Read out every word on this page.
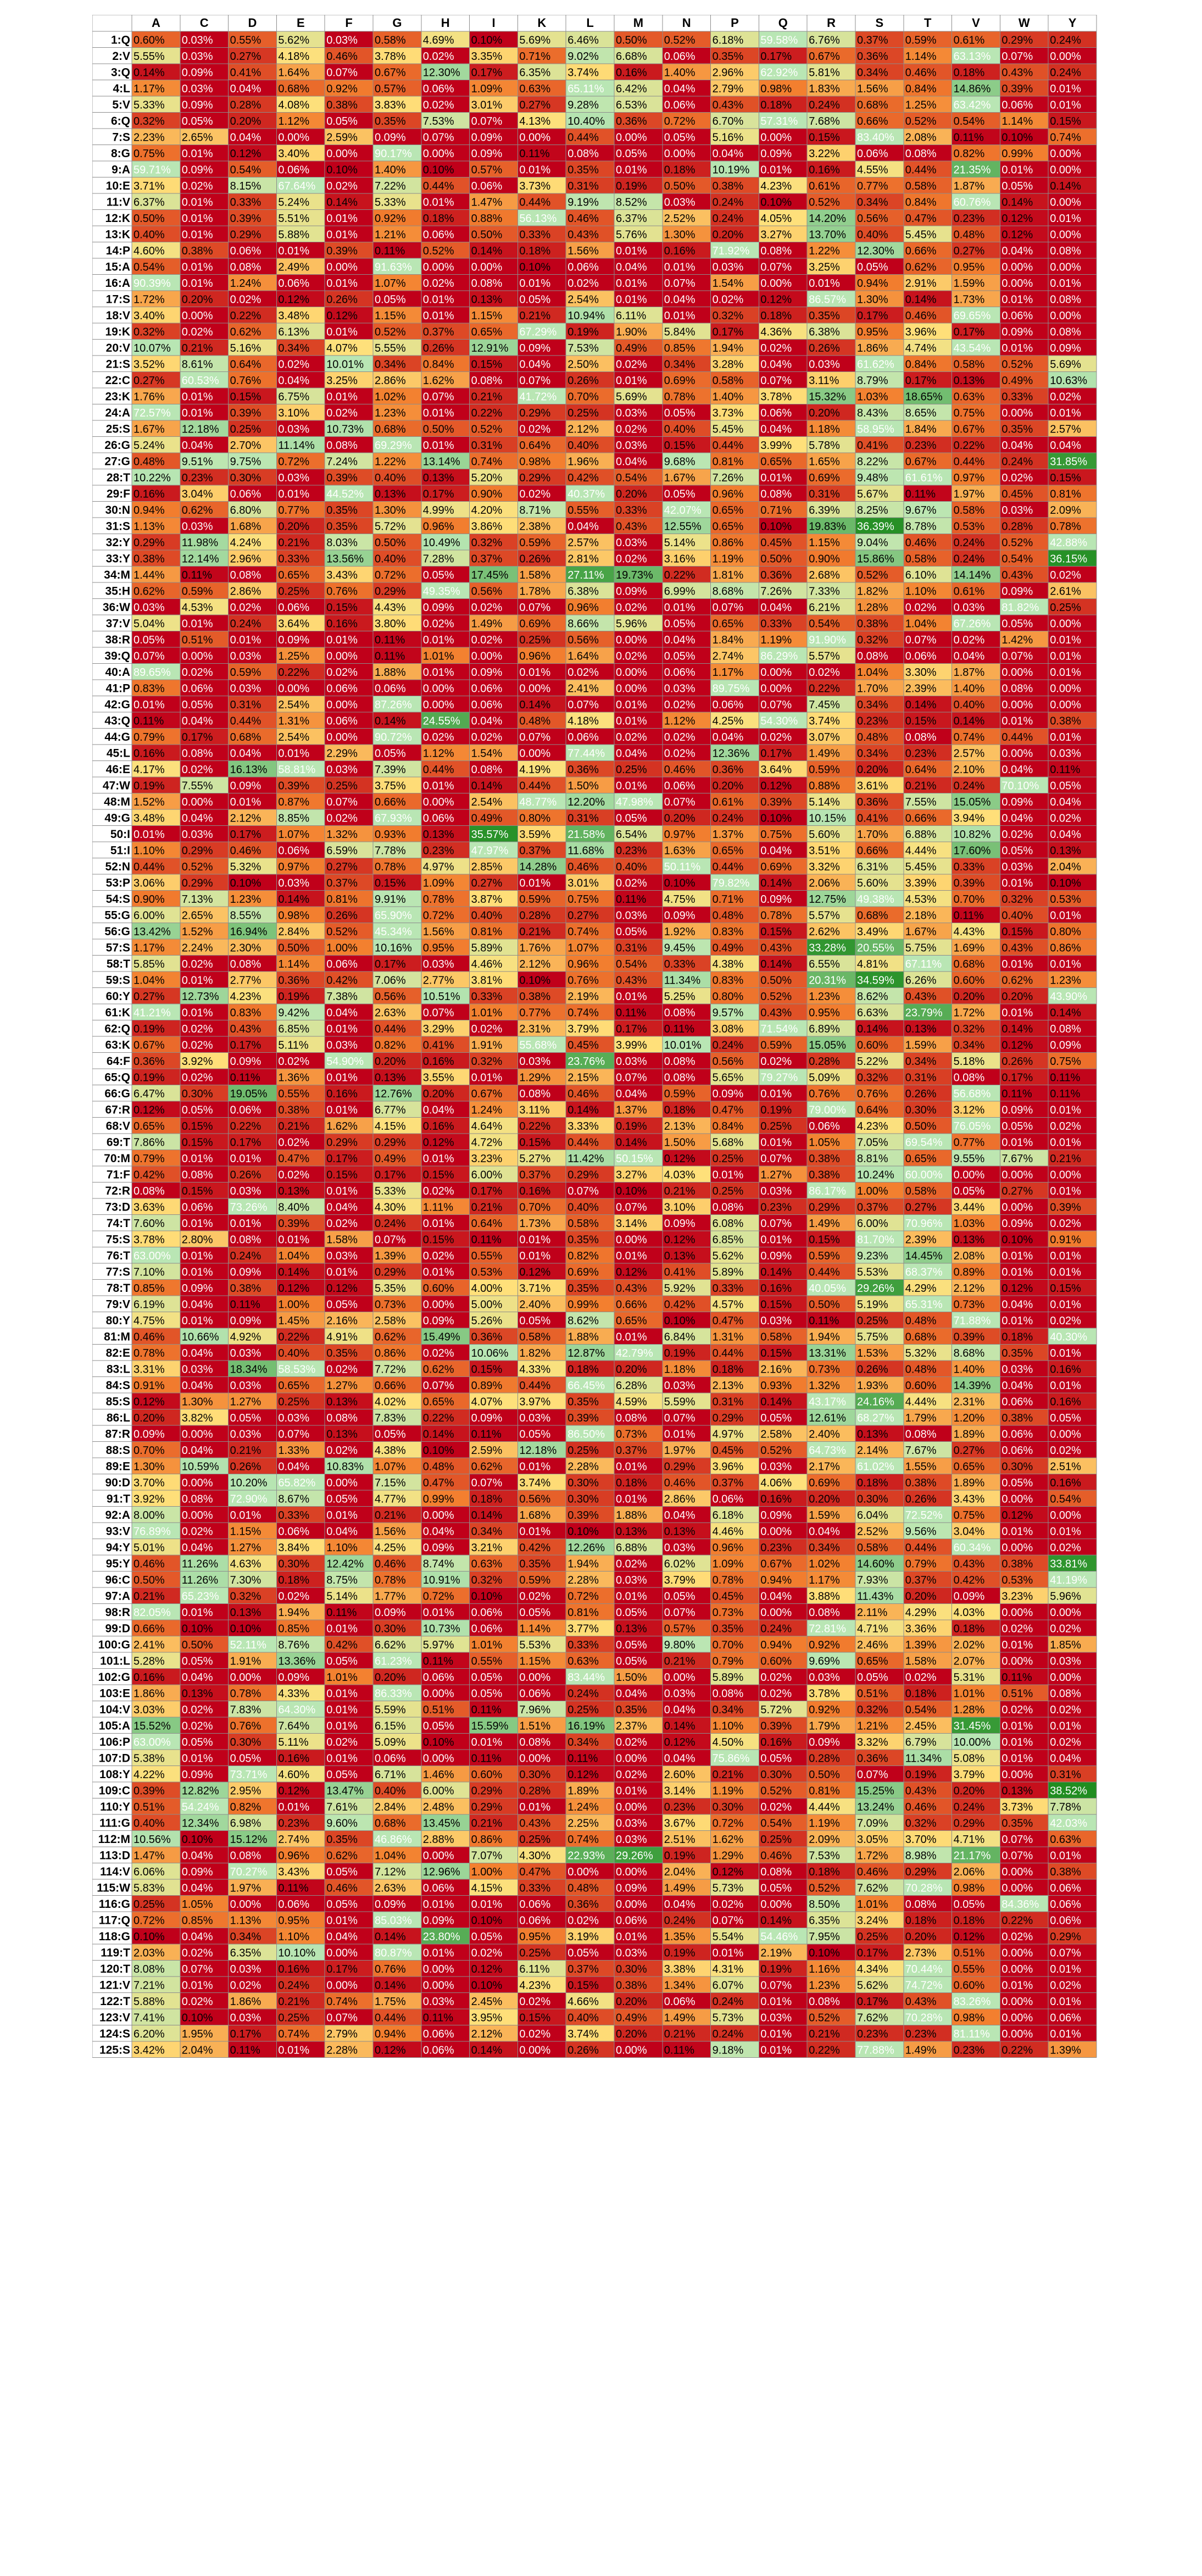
A	C	D	E	F	G	H	I	K	L	M	N	P	Q	R	S	T	V	W	Y
1:Q 0.60% 0.03% 0.55% 5.62% 0.03% 0.58% 4.69% 0.10% 5.69% 6.46% 0.50% 0.52% 6.18% 59.58% 6.76% 0.37% 0.59% 0.61% 0.29% 0.24%
2:V 5.55% 0.03% 0.27% 4.18% 0.46% 3.78% 0.02% 3.35% 0.71% 9.02% 6.68% 0.06% 0.35% 0.17% 0.67% 0.36% 1.14% 63.13% 0.07% 0.00%
3:Q 0.14% 0.09% 0.41% 1.64% 0.07% 0.67% 12.30% 0.17% 6.35% 3.74% 0.16% 1.40% 2.96% 62.92% 5.81% 0.34% 0.46% 0.18% 0.43% 0.24%
4:L 1.17% 0.03% 0.04% 0.68% 0.92% 0.57% 0.06% 1.09% 0.63% 65.11% 6.42% 0.04% 2.79% 0.98% 1.83% 1.56% 0.84% 14.86% 0.39% 0.01%
5:V 5.33% 0.09% 0.28% 4.08% 0.38% 3.83% 0.02% 3.01% 0.27% 9.28% 6.53% 0.06% 0.43% 0.18% 0.24% 0.68% 1.25% 63.42% 0.06% 0.01%
6:Q 0.32% 0.05% 0.20% 1.12% 0.05% 0.35% 7.53% 0.07% 4.13% 10.40% 0.36% 0.72% 6.70% 57.31% 7.68% 0.66% 0.52% 0.54% 1.14% 0.15%
7:S 2.23% 2.65% 0.04% 0.00% 2.59% 0.09% 0.07% 0.09% 0.00% 0.44% 0.00% 0.05% 5.16% 0.00% 0.15% 83.40% 2.08% 0.11% 0.10% 0.74%
8:G 0.75% 0.01% 0.12% 3.40% 0.00% 90.17% 0.00% 0.09% 0.11% 0.08% 0.05% 0.00% 0.04% 0.09% 3.22% 0.06% 0.08% 0.82% 0.99% 0.00%
9:A 59.71% 0.09% 0.54% 0.06% 0.10% 1.40% 0.10% 0.57% 0.01% 0.35% 0.01% 0.18% 10.19% 0.01% 0.16% 4.55% 0.44% 21.35% 0.01% 0.00%
10:E 3.71% 0.02% 8.15% 67.64% 0.02% 7.22% 0.44% 0.06% 3.73% 0.31% 0.19% 0.50% 0.38% 4.23% 0.61% 0.77% 0.58% 1.87% 0.05% 0.14%
11:V 6.37% 0.01% 0.33% 5.24% 0.14% 5.33% 0.01% 1.47% 0.44% 9.19% 8.52% 0.03% 0.24% 0.10% 0.52% 0.34% 0.84% 60.76% 0.14% 0.00%
12:K 0.50% 0.01% 0.39% 5.51% 0.01% 0.92% 0.18% 0.88% 56.13% 0.46% 6.37% 2.52% 0.24% 4.05% 14.20% 0.56% 0.47% 0.23% 0.12% 0.01%
13:K 0.40% 0.01% 0.29% 5.88% 0.01% 1.21% 0.06% 0.50% 0.33% 0.43% 5.76% 1.30% 0.20% 3.27% 13.70% 0.40% 5.45% 0.48% 0.12% 0.00%
14:P 4.60% 0.38% 0.06% 0.01% 0.39% 0.11% 0.52% 0.14% 0.18% 1.56% 0.01% 0.16% 71.92% 0.08% 1.22% 12.30% 0.66% 0.27% 0.04% 0.08%
15:A 0.54% 0.01% 0.08% 2.49% 0.00% 91.63% 0.00% 0.00% 0.10% 0.06% 0.04% 0.01% 0.03% 0.07% 3.25% 0.05% 0.62% 0.95% 0.00% 0.00%
16:A 90.39% 0.01% 1.24% 0.06% 0.01% 1.07% 0.02% 0.08% 0.01% 0.02% 0.01% 0.07% 1.54% 0.00% 0.01% 0.94% 2.91% 1.59% 0.00% 0.01%
17:S 1.72% 0.20% 0.02% 0.12% 0.26% 0.05% 0.01% 0.13% 0.05% 2.54% 0.01% 0.04% 0.02% 0.12% 86.57% 1.30% 0.14% 1.73% 0.01% 0.08%
18:V 3.40% 0.00% 0.22% 3.48% 0.12% 1.15% 0.01% 1.15% 0.21% 10.94% 6.11% 0.01% 0.32% 0.18% 0.35% 0.17% 0.46% 69.65% 0.06% 0.00%
19:K 0.32% 0.02% 0.62% 6.13% 0.01% 0.52% 0.37% 0.65% 67.29% 0.19% 1.90% 5.84% 0.17% 4.36% 6.38% 0.95% 3.96% 0.17% 0.09% 0.08%
20:V 10.07% 0.21% 5.16% 0.34% 4.07% 5.55% 0.26% 12.91% 0.09% 7.53% 0.49% 0.85% 1.94% 0.02% 0.26% 1.86% 4.74% 43.54% 0.01% 0.09%
21:S 3.52% 8.61% 0.64% 0.02% 10.01% 0.34% 0.84% 0.15% 0.04% 2.50% 0.02% 0.34% 3.28% 0.04% 0.03% 61.62% 0.84% 0.58% 0.52% 5.69%
22:C 0.27% 60.53% 0.76% 0.04% 3.25% 2.86% 1.62% 0.08% 0.07% 0.26% 0.01% 0.69% 0.58% 0.07% 3.11% 8.79% 0.17% 0.13% 0.49% 10.63%
23:K 1.76% 0.01% 0.15% 6.75% 0.01% 1.02% 0.07% 0.21% 41.72% 0.70% 5.69% 0.78% 1.40% 3.78% 15.32% 1.03% 18.65% 0.63% 0.33% 0.02%
24:A 72.57% 0.01% 0.39% 3.10% 0.02% 1.23% 0.01% 0.22% 0.29% 0.25% 0.03% 0.05% 3.73% 0.06% 0.20% 8.43% 8.65% 0.75% 0.00% 0.01%
25:S 1.67% 12.18% 0.25% 0.03% 10.73% 0.68% 0.50% 0.52% 0.02% 2.12% 0.02% 0.40% 5.45% 0.04% 1.18% 58.95% 1.84% 0.67% 0.35% 2.57%
26:G 5.24% 0.04% 2.70% 11.14% 0.08% 69.29% 0.01% 0.31% 0.64% 0.40% 0.03% 0.15% 0.44% 3.99% 5.78% 0.41% 0.23% 0.22% 0.04% 0.04%
27:G 0.48% 9.51% 9.75% 0.72% 7.24% 1.22% 13.14% 0.74% 0.98% 1.96% 0.04% 9.68% 0.81% 0.65% 1.65% 8.22% 0.67% 0.44% 0.24% 31.85%
28:T 10.22% 0.23% 0.30% 0.03% 0.39% 0.40% 0.13% 5.20% 0.29% 0.42% 0.54% 1.67% 7.26% 0.01% 0.69% 9.48% 61.61% 0.97% 0.02% 0.15%
29:F 0.16% 3.04% 0.06% 0.01% 44.52% 0.13% 0.17% 0.90% 0.02% 40.37% 0.20% 0.05% 0.96% 0.08% 0.31% 5.67% 0.11% 1.97% 0.45% 0.81%
30:N 0.94% 0.62% 6.80% 0.77% 0.35% 1.30% 4.99% 4.20% 8.71% 0.55% 0.33% 42.07% 0.65% 0.71% 6.39% 8.25% 9.67% 0.58% 0.03% 2.09%
31:S 1.13% 0.03% 1.68% 0.20% 0.35% 5.72% 0.96% 3.86% 2.38% 0.04% 0.43% 12.55% 0.65% 0.10% 19.83% 36.39% 8.78% 0.53% 0.28% 0.78%
32:Y 0.29% 11.98% 4.24% 0.21% 8.03% 0.50% 10.49% 0.32% 0.59% 2.57% 0.03% 5.14% 0.86% 0.45% 1.15% 9.04% 0.46% 0.24% 0.52% 42.88%
33:Y 0.38% 12.14% 2.96% 0.33% 13.56% 0.40% 7.28% 0.37% 0.26% 2.81% 0.02% 3.16% 1.19% 0.50% 0.90% 15.86% 0.58% 0.24% 0.54% 36.15%
34:M 1.44% 0.11% 0.08% 0.65% 3.43% 0.72% 0.05% 17.45% 1.58% 27.11% 19.73% 0.22% 1.81% 0.36% 2.68% 0.52% 6.10% 14.14% 0.43% 0.02%
35:H 0.62% 0.59% 2.86% 0.25% 0.76% 0.29% 49.35% 0.56% 1.78% 6.38% 0.09% 6.99% 8.68% 7.26% 7.33% 1.82% 1.10% 0.61% 0.09% 2.61%
36:W 0.03% 4.53% 0.02% 0.06% 0.15% 4.43% 0.09% 0.02% 0.07% 0.96% 0.02% 0.01% 0.07% 0.04% 6.21% 1.28% 0.02% 0.03% 81.82% 0.25%
37:V 5.04% 0.01% 0.24% 3.64% 0.16% 3.80% 0.02% 1.49% 0.69% 8.66% 5.96% 0.05% 0.65% 0.33% 0.54% 0.38% 1.04% 67.26% 0.05% 0.00%
38:R 0.05% 0.51% 0.01% 0.09% 0.01% 0.11% 0.01% 0.02% 0.25% 0.56% 0.00% 0.04% 1.84% 1.19% 91.90% 0.32% 0.07% 0.02% 1.42% 0.01%
39:Q 0.07% 0.00% 0.03% 1.25% 0.00% 0.11% 1.01% 0.00% 0.96% 1.64% 0.02% 0.05% 2.74% 86.29% 5.57% 0.08% 0.06% 0.04% 0.07% 0.01%
40:A 89.65% 0.02% 0.59% 0.22% 0.02% 1.88% 0.01% 0.09% 0.01% 0.02% 0.00% 0.06% 1.17% 0.00% 0.02% 1.04% 3.30% 1.87% 0.00% 0.01%
41:P 0.83% 0.06% 0.03% 0.00% 0.06% 0.06% 0.00% 0.06% 0.00% 2.41% 0.00% 0.03% 89.75% 0.00% 0.22% 1.70% 2.39% 1.40% 0.08% 0.00%
42:G 0.01% 0.05% 0.31% 2.54% 0.00% 87.26% 0.00% 0.06% 0.14% 0.07% 0.01% 0.02% 0.06% 0.07% 7.45% 0.34% 0.14% 0.40% 0.00% 0.00%
43:Q 0.11% 0.04% 0.44% 1.31% 0.06% 0.14% 24.55% 0.04% 0.48% 4.18% 0.01% 1.12% 4.25% 54.30% 3.74% 0.23% 0.15% 0.14% 0.01% 0.38%
44:G 0.79% 0.17% 0.68% 2.54% 0.00% 90.72% 0.02% 0.02% 0.07% 0.06% 0.02% 0.02% 0.04% 0.02% 3.07% 0.48% 0.08% 0.74% 0.44% 0.01%
45:L 0.16% 0.08% 0.04% 0.01% 2.29% 0.05% 1.12% 1.54% 0.00% 77.44% 0.04% 0.02% 12.36% 0.17% 1.49% 0.34% 0.23% 2.57% 0.00% 0.03%
46:E 4.17% 0.02% 16.13% 58.81% 0.03% 7.39% 0.44% 0.08% 4.19% 0.36% 0.25% 0.46% 0.36% 3.64% 0.59% 0.20% 0.64% 2.10% 0.04% 0.11%
47:W 0.19% 7.55% 0.09% 0.39% 0.25% 3.75% 0.01% 0.14% 0.44% 1.50% 0.01% 0.06% 0.20% 0.12% 0.88% 3.61% 0.21% 0.24% 70.10% 0.05%
48:M 1.52% 0.00% 0.01% 0.87% 0.07% 0.66% 0.00% 2.54% 48.77% 12.20% 47.98% 0.07% 0.61% 0.39% 5.14% 0.36% 7.55% 15.05% 0.09% 0.04%
49:G 3.48% 0.04% 2.12% 8.85% 0.02% 67.93% 0.06% 0.49% 0.80% 0.31% 0.05% 0.20% 0.24% 0.10% 10.15% 0.41% 0.66% 3.94% 0.04% 0.02%
50:I 0.01% 0.03% 0.17% 1.07% 1.32% 0.93% 0.13% 35.57% 3.59% 21.58% 6.54% 0.97% 1.37% 0.75% 5.60% 1.70% 6.88% 10.82% 0.02% 0.04%
51:I 1.10% 0.29% 0.46% 0.06% 6.59% 7.78% 0.23% 47.97% 0.37% 11.68% 0.23% 1.63% 0.65% 0.04% 3.51% 0.66% 4.44% 17.60% 0.05% 0.13%
52:N 0.44% 0.52% 5.32% 0.97% 0.27% 0.78% 4.97% 2.85% 14.28% 0.46% 0.40% 50.11% 0.44% 0.69% 3.32% 6.31% 5.45% 0.33% 0.03% 2.04%
53:P 3.06% 0.29% 0.10% 0.03% 0.37% 0.15% 1.09% 0.27% 0.01% 3.01% 0.02% 0.10% 79.82% 0.14% 2.06% 5.60% 3.39% 0.39% 0.01% 0.10%
54:S 0.90% 7.13% 1.23% 0.14% 0.81% 9.91% 0.78% 3.87% 0.59% 0.75% 0.11% 4.75% 0.71% 0.09% 12.75% 49.38% 4.53% 0.70% 0.32% 0.53%
55:G 6.00% 2.65% 8.55% 0.98% 0.26% 65.90% 0.72% 0.40% 0.28% 0.27% 0.03% 0.09% 0.48% 0.78% 5.57% 0.68% 2.18% 0.11% 0.40% 0.01%
56:G 13.42% 1.52% 16.94% 2.84% 0.52% 45.34% 1.56% 0.81% 0.21% 0.74% 0.05% 1.92% 0.83% 0.15% 2.62% 3.49% 1.67% 4.43% 0.15% 0.80%
57:S 1.17% 2.24% 2.30% 0.50% 1.00% 10.16% 0.95% 5.89% 1.76% 1.07% 0.31% 9.45% 0.49% 0.43% 33.28% 20.55% 5.75% 1.69% 0.43% 0.86%
58:T 5.85% 0.02% 0.08% 1.14% 0.06% 0.17% 0.03% 4.46% 2.12% 0.96% 0.54% 0.33% 4.38% 0.14% 6.55% 4.81% 67.11% 0.68% 0.01% 0.01%
59:S 1.04% 0.01% 2.77% 0.36% 0.42% 7.06% 2.77% 3.81% 0.10% 0.76% 0.43% 11.34% 0.83% 0.50% 20.31% 34.59% 6.26% 0.60% 0.62% 1.23%
60:Y 0.27% 12.73% 4.23% 0.19% 7.38% 0.56% 10.51% 0.33% 0.38% 2.19% 0.01% 5.25% 0.80% 0.52% 1.23% 8.62% 0.43% 0.20% 0.20% 43.90%
61:K 41.21% 0.01% 0.83% 9.42% 0.04% 2.63% 0.07% 1.01% 0.77% 0.74% 0.11% 0.08% 9.57% 0.43% 0.95% 6.63% 23.79% 1.72% 0.01% 0.14%
62:Q 0.19% 0.02% 0.43% 6.85% 0.01% 0.44% 3.29% 0.02% 2.31% 3.79% 0.17% 0.11% 3.08% 71.54% 6.89% 0.14% 0.13% 0.32% 0.14% 0.08%
63:K 0.67% 0.02% 0.17% 5.11% 0.03% 0.82% 0.41% 1.91% 55.68% 0.45% 3.99% 10.01% 0.24% 0.59% 15.05% 0.60% 1.59% 0.34% 0.12% 0.09%
64:F 0.36% 3.92% 0.09% 0.02% 54.90% 0.20% 0.16% 0.32% 0.03% 23.76% 0.03% 0.08% 0.56% 0.02% 0.28% 5.22% 0.34% 5.18% 0.26% 0.75%
65:Q 0.19% 0.02% 0.11% 1.36% 0.01% 0.13% 3.55% 0.01% 1.29% 2.15% 0.07% 0.08% 5.65% 79.27% 5.09% 0.32% 0.31% 0.08% 0.17% 0.11%
66:G 6.47% 0.30% 19.05% 0.55% 0.16% 12.76% 0.20% 0.67% 0.08% 0.46% 0.04% 0.59% 0.09% 0.01% 0.76% 0.76% 0.26% 56.68% 0.11% 0.11%
67:R 0.12% 0.05% 0.06% 0.38% 0.01% 6.77% 0.04% 1.24% 3.11% 0.14% 1.37% 0.18% 0.47% 0.19% 79.00% 0.64% 0.30% 3.12% 0.09% 0.01%
68:V 0.65% 0.15% 0.22% 0.21% 1.62% 4.15% 0.16% 4.64% 0.22% 3.33% 0.19% 2.13% 0.84% 0.25% 0.06% 4.23% 0.50% 76.05% 0.05% 0.02%
69:T 7.86% 0.15% 0.17% 0.02% 0.29% 0.29% 0.12% 4.72% 0.15% 0.44% 0.14% 1.50% 5.68% 0.01% 1.05% 7.05% 69.54% 0.77% 0.01% 0.01%
70:M 0.79% 0.01% 0.01% 0.47% 0.17% 0.49% 0.01% 3.23% 5.27% 11.42% 50.15% 0.12% 0.25% 0.07% 0.38% 8.81% 0.65% 9.55% 7.67% 0.21%
71:F 0.42% 0.08% 0.26% 0.02% 0.15% 0.17% 0.15% 6.00% 0.37% 0.29% 3.27% 4.03% 0.01% 1.27% 0.38% 10.24% 60.00% 0.00% 0.00% 0.00%
72:R 0.08% 0.15% 0.03% 0.13% 0.01% 5.33% 0.02% 0.17% 0.16% 0.07% 0.10% 0.21% 0.25% 0.03% 86.17% 1.00% 0.58% 0.05% 0.27% 0.01%
73:D 3.63% 0.06% 73.26% 8.40% 0.04% 4.30% 1.11% 0.21% 0.70% 0.40% 0.07% 3.10% 0.08% 0.23% 0.29% 0.37% 0.27% 3.44% 0.00% 0.39%
74:T 7.60% 0.01% 0.01% 0.39% 0.02% 0.24% 0.01% 0.64% 1.73% 0.58% 3.14% 0.09% 6.08% 0.07% 1.49% 6.00% 70.96% 1.03% 0.09% 0.02%
75:S 3.78% 2.80% 0.08% 0.01% 1.58% 0.07% 0.15% 0.11% 0.01% 0.35% 0.00% 0.12% 6.85% 0.01% 0.15% 81.70% 2.39% 0.13% 0.10% 0.91%
76:T 63.00% 0.01% 0.24% 1.04% 0.03% 1.39% 0.02% 0.55% 0.01% 0.82% 0.01% 0.13% 5.62% 0.09% 0.59% 9.23% 14.45% 2.08% 0.01% 0.01%
77:S 7.10% 0.01% 0.09% 0.14% 0.01% 0.29% 0.01% 0.53% 0.12% 0.69% 0.12% 0.41% 5.89% 0.14% 0.44% 5.53% 68.37% 0.89% 0.01% 0.01%
78:T 0.85% 0.09% 0.38% 0.12% 0.12% 5.35% 0.60% 4.00% 3.71% 0.35% 0.43% 5.92% 0.33% 0.16% 40.05% 29.26% 4.29% 2.12% 0.12% 0.15%
79:V 6.19% 0.04% 0.11% 1.00% 0.05% 0.73% 0.00% 5.00% 2.40% 0.99% 0.66% 0.42% 4.57% 0.15% 0.50% 5.19% 65.31% 0.73% 0.04% 0.01%
80:Y 4.75% 0.01% 0.09% 1.45% 2.16% 2.58% 0.09% 5.26% 0.05% 8.62% 0.65% 0.10% 0.47% 0.03% 0.11% 0.25% 0.48% 71.88% 0.01% 0.02%
81:M 0.46% 10.66% 4.92% 0.22% 4.91% 0.62% 15.49% 0.36% 0.58% 1.88% 0.01% 6.84% 1.31% 0.58% 1.94% 5.75% 0.68% 0.39% 0.18% 40.30%
82:E 0.78% 0.04% 0.03% 0.40% 0.35% 0.86% 0.02% 10.06% 1.82% 12.87% 42.79% 0.19% 0.44% 0.15% 13.31% 1.53% 5.32% 8.68% 0.35% 0.01%
83:L 3.31% 0.03% 18.34% 58.53% 0.02% 7.72% 0.62% 0.15% 4.33% 0.18% 0.20% 1.18% 0.18% 2.16% 0.73% 0.26% 0.48% 1.40% 0.03% 0.16%
84:S 0.91% 0.04% 0.03% 0.65% 1.27% 0.66% 0.07% 0.89% 0.44% 66.45% 6.28% 0.03% 2.13% 0.93% 1.32% 1.93% 0.60% 14.39% 0.04% 0.01%
85:S 0.12% 1.30% 1.27% 0.25% 0.13% 4.02% 0.65% 4.07% 3.97% 0.35% 4.59% 5.59% 0.31% 0.14% 43.17% 24.16% 4.44% 2.31% 0.06% 0.16%
86:L 0.20% 3.82% 0.05% 0.03% 0.08% 7.83% 0.22% 0.09% 0.03% 0.39% 0.08% 0.07% 0.29% 0.05% 12.61% 68.27% 1.79% 1.20% 0.38% 0.05%
87:R 0.09% 0.00% 0.03% 0.07% 0.13% 0.05% 0.14% 0.11% 0.05% 86.50% 0.73% 0.01% 4.97% 2.58% 2.40% 0.13% 0.08% 1.89% 0.06% 0.00%
88:S 0.70% 0.04% 0.21% 1.33% 0.02% 4.38% 0.10% 2.59% 12.18% 0.25% 0.37% 1.97% 0.45% 0.52% 64.73% 2.14% 7.67% 0.27% 0.06% 0.02%
89:E 1.30% 10.59% 0.26% 0.04% 10.83% 1.07% 0.48% 0.62% 0.01% 2.28% 0.01% 0.29% 3.96% 0.03% 2.17% 61.02% 1.55% 0.65% 0.30% 2.51%
90:D 3.70% 0.00% 10.20% 65.82% 0.00% 7.15% 0.47% 0.07% 3.74% 0.30% 0.18% 0.46% 0.37% 4.06% 0.69% 0.18% 0.38% 1.89% 0.05% 0.16%
91:T 3.92% 0.08% 72.90% 8.67% 0.05% 4.77% 0.99% 0.18% 0.56% 0.30% 0.01% 2.86% 0.06% 0.16% 0.20% 0.30% 0.26% 3.43% 0.00% 0.54%
92:A 8.00% 0.00% 0.01% 0.33% 0.01% 0.21% 0.00% 0.14% 1.68% 0.39% 1.88% 0.04% 6.18% 0.09% 1.59% 6.04% 72.52% 0.75% 0.12% 0.00%
93:V 76.89% 0.02% 1.15% 0.06% 0.04% 1.56% 0.04% 0.34% 0.01% 0.10% 0.13% 0.13% 4.46% 0.00% 0.04% 2.52% 9.56% 3.04% 0.01% 0.01%
94:Y 5.01% 0.04% 1.27% 3.84% 1.10% 4.25% 0.09% 3.21% 0.42% 12.26% 6.88% 0.03% 0.96% 0.23% 0.34% 0.58% 0.44% 60.34% 0.00% 0.02%
95:Y 0.46% 11.26% 4.63% 0.30% 12.42% 0.46% 8.74% 0.63% 0.35% 1.94% 0.02% 6.02% 1.09% 0.67% 1.02% 14.60% 0.79% 0.43% 0.38% 33.81%
96:C 0.50% 11.26% 7.30% 0.18% 8.75% 0.78% 10.91% 0.32% 0.59% 2.28% 0.03% 3.79% 0.78% 0.94% 1.17% 7.93% 0.37% 0.42% 0.53% 41.19%
97:A 0.21% 65.23% 0.32% 0.02% 5.14% 1.77% 0.72% 0.10% 0.02% 0.72% 0.01% 0.05% 0.45% 0.04% 3.88% 11.43% 0.20% 0.09% 3.23% 5.96%
98:R 82.05% 0.01% 0.13% 1.94% 0.11% 0.09% 0.01% 0.06% 0.05% 0.81% 0.05% 0.07% 0.73% 0.00% 0.08% 2.11% 4.29% 4.03% 0.00% 0.00%
99:D 0.66% 0.10% 0.10% 0.85% 0.01% 0.30% 10.73% 0.06% 1.14% 3.77% 0.13% 0.57% 0.35% 0.24% 72.81% 4.71% 3.36% 0.18% 0.02% 0.02%
100:G 2.41% 0.50% 52.11% 8.76% 0.42% 6.62% 5.97% 1.01% 5.53% 0.33% 0.05% 9.80% 0.70% 0.94% 0.92% 2.46% 1.39% 2.02% 0.01% 1.85%
101:L 5.28% 0.05% 1.91% 13.36% 0.05% 61.23% 0.11% 0.55% 1.15% 0.63% 0.05% 0.21% 0.79% 0.60% 9.69% 0.65% 1.58% 2.07% 0.00% 0.03%
102:G 0.16% 0.04% 0.00% 0.09% 1.01% 0.20% 0.06% 0.05% 0.00% 83.44% 1.50% 0.00% 5.89% 0.02% 0.03% 0.05% 0.02% 5.31% 0.11% 0.00%
103:E 1.86% 0.13% 0.78% 4.33% 0.01% 86.33% 0.00% 0.05% 0.06% 0.24% 0.04% 0.03% 0.08% 0.02% 3.78% 0.51% 0.18% 1.01% 0.51% 0.08%
104:V 3.03% 0.02% 7.83% 64.30% 0.01% 5.59% 0.51% 0.11% 7.96% 0.25% 0.35% 0.04% 0.34% 5.72% 0.92% 0.32% 0.54% 1.28% 0.02% 0.02%
105:A 15.52% 0.02% 0.76% 7.64% 0.01% 6.15% 0.05% 15.59% 1.51% 16.19% 2.37% 0.14% 1.10% 0.39% 1.79% 1.21% 2.45% 31.45% 0.01% 0.01%
106:P 63.00% 0.05% 0.30% 5.11% 0.02% 5.09% 0.10% 0.01% 0.08% 0.34% 0.02% 0.12% 4.50% 0.16% 0.09% 3.32% 6.79% 10.00% 0.01% 0.02%
107:D 5.38% 0.01% 0.05% 0.16% 0.01% 0.06% 0.00% 0.11% 0.00% 0.11% 0.00% 0.04% 75.86% 0.05% 0.28% 0.36% 11.34% 5.08% 0.01% 0.04%
108:Y 4.22% 0.09% 73.71% 4.60% 0.05% 6.71% 1.46% 0.60% 0.30% 0.12% 0.02% 2.60% 0.21% 0.30% 0.50% 0.07% 0.19% 3.79% 0.00% 0.31%
109:C 0.39% 12.82% 2.95% 0.12% 13.47% 0.40% 6.00% 0.29% 0.28% 1.89% 0.01% 3.14% 1.19% 0.52% 0.81% 15.25% 0.43% 0.20% 0.13% 38.52%
110:Y 0.51% 54.24% 0.82% 0.01% 7.61% 2.84% 2.48% 0.29% 0.01% 1.24% 0.00% 0.23% 0.30% 0.02% 4.44% 13.24% 0.46% 0.24% 3.73% 7.78%
111:G 0.40% 12.34% 6.98% 0.23% 9.60% 0.68% 13.45% 0.21% 0.43% 2.25% 0.03% 3.67% 0.72% 0.54% 1.19% 7.09% 0.32% 0.29% 0.35% 42.03%
112:M 10.56% 0.10% 15.12% 2.74% 0.35% 46.86% 2.88% 0.86% 0.25% 0.74% 0.03% 2.51% 1.62% 0.25% 2.09% 3.05% 3.70% 4.71% 0.07% 0.63%
113:D 1.47% 0.04% 0.08% 0.96% 0.62% 1.04% 0.00% 7.07% 4.30% 22.93% 29.26% 0.19% 1.29% 0.46% 7.53% 1.72% 8.98% 21.17% 0.07% 0.01%
114:V 6.06% 0.09% 70.27% 3.43% 0.05% 7.12% 12.96% 1.00% 0.47% 0.00% 0.00% 2.04% 0.12% 0.08% 0.18% 0.46% 0.29% 2.06% 0.00% 0.38%
115:W 5.83% 0.04% 1.97% 0.11% 0.46% 2.63% 0.06% 4.15% 0.33% 0.48% 0.09% 1.49% 5.73% 0.05% 0.52% 7.62% 70.28% 0.98% 0.00% 0.06%
116:G 0.25% 1.05% 0.00% 0.06% 0.05% 0.09% 0.01% 0.01% 0.06% 0.36% 0.00% 0.04% 0.02% 0.00% 8.50% 1.01% 0.08% 0.05% 84.36% 0.06%
117:Q 0.72% 0.85% 1.13% 0.95% 0.01% 85.03% 0.09% 0.10% 0.06% 0.02% 0.06% 0.24% 0.07% 0.14% 6.35% 3.24% 0.18% 0.18% 0.22% 0.06%
118:G 0.10% 0.04% 0.34% 1.10% 0.04% 0.14% 23.80% 0.05% 0.95% 3.19% 0.01% 1.35% 5.54% 54.46% 7.95% 0.25% 0.20% 0.12% 0.02% 0.29%
119:T 2.03% 0.02% 6.35% 10.10% 0.00% 80.87% 0.01% 0.02% 0.25% 0.05% 0.03% 0.19% 0.01% 2.19% 0.10% 0.17% 2.73% 0.51% 0.00% 0.07%
120:T 8.08% 0.07% 0.03% 0.16% 0.17% 0.76% 0.00% 0.12% 6.11% 0.37% 0.30% 3.38% 4.31% 0.19% 1.16% 4.34% 70.44% 0.55% 0.00% 0.01%
121:V 7.21% 0.01% 0.02% 0.24% 0.00% 0.14% 0.00% 0.10% 4.23% 0.15% 0.38% 1.34% 6.07% 0.07% 1.23% 5.62% 74.72% 0.60% 0.01% 0.02%
122:T 5.88% 0.02% 1.86% 0.21% 0.74% 1.75% 0.03% 2.45% 0.02% 4.66% 0.20% 0.06% 0.24% 0.01% 0.08% 0.17% 0.43% 83.26% 0.00% 0.01%
123:V 7.41% 0.10% 0.03% 0.25% 0.07% 0.44% 0.11% 3.95% 0.15% 0.40% 0.49% 1.49% 5.73% 0.03% 0.52% 7.62% 70.28% 0.98% 0.00% 0.06%
124:S 6.20% 1.95% 0.17% 0.74% 2.79% 0.94% 0.06% 2.12% 0.02% 3.74% 0.20% 0.21% 0.24% 0.01% 0.21% 0.23% 0.23% 81.11% 0.00% 0.01%
125:S 3.42% 2.04% 0.11% 0.01% 2.28% 0.12% 0.06% 0.14% 0.00% 0.26% 0.00% 0.11% 9.18% 0.01% 0.22% 77.88% 1.49% 0.23% 0.22% 1.39%
